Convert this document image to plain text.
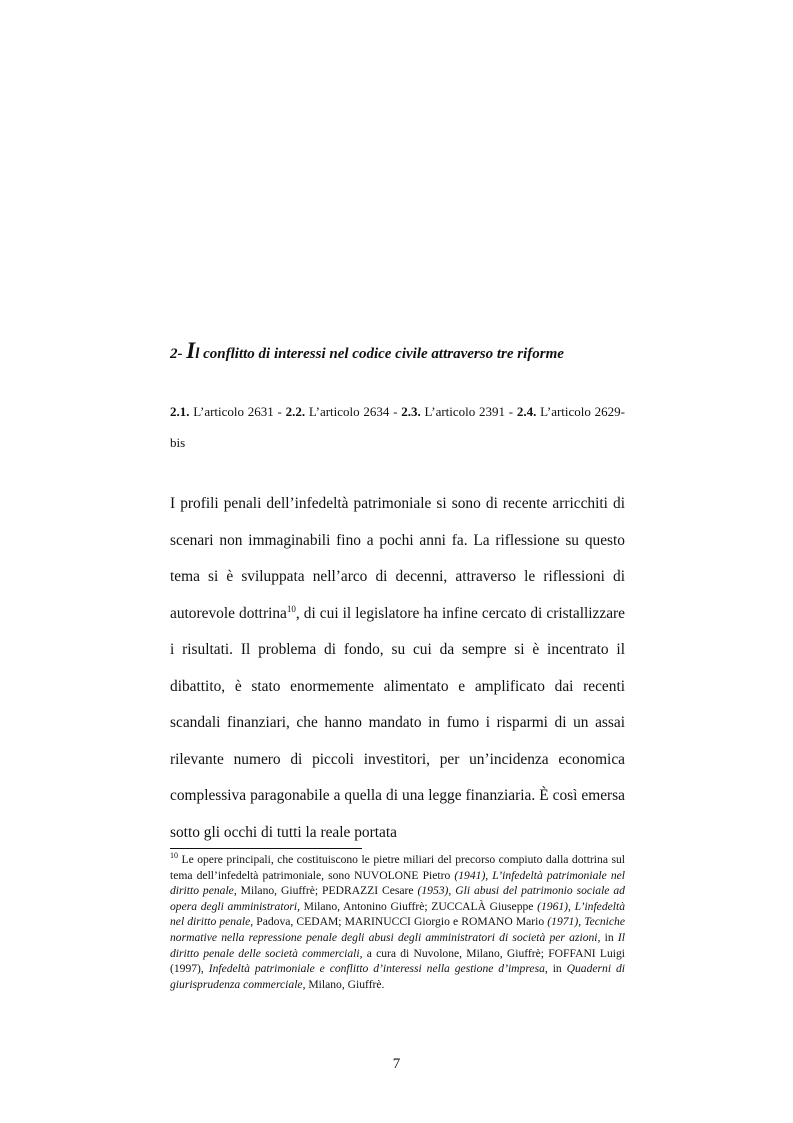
2- Il conflitto di interessi nel codice civile attraverso tre riforme
2.1. L’articolo 2631 - 2.2. L’articolo 2634 - 2.3. L’articolo 2391 - 2.4. L’articolo 2629-bis
I profili penali dell’infedeltà patrimoniale si sono di recente arricchiti di scenari non immaginabili fino a pochi anni fa. La riflessione su questo tema si è sviluppata nell’arco di decenni, attraverso le riflessioni di autorevole dottrina$^{10}$, di cui il legislatore ha infine cercato di cristallizzare i risultati. Il problema di fondo, su cui da sempre si è incentrato il dibattito, è stato enormemente alimentato e amplificato dai recenti scandali finanziari, che hanno mandato in fumo i risparmi di un assai rilevante numero di piccoli investitori, per un’incidenza economica complessiva paragonabile a quella di una legge finanziaria. È così emersa sotto gli occhi di tutti la reale portata
$^{10}$ Le opere principali, che costituiscono le pietre miliari del precorso compiuto dalla dottrina sul tema dell’infedeltà patrimoniale, sono NUVOLONE Pietro (1941), L’infedeltà patrimoniale nel diritto penale, Milano, Giuffrè; PEDRAZZI Cesare (1953), Gli abusi del patrimonio sociale ad opera degli amministratori, Milano, Antonino Giuffrè; ZUCCALÀ Giuseppe (1961), L’infedeltà nel diritto penale, Padova, CEDAM; MARINUCCI Giorgio e ROMANO Mario (1971), Tecniche normative nella repressione penale degli abusi degli amministratori di società per azioni, in Il diritto penale delle società commerciali, a cura di Nuvolone, Milano, Giuffrè; FOFFANI Luigi (1997), Infedeltà patrimoniale e conflitto d’interessi nella gestione d’impresa, in Quaderni di giurisprudenza commerciale, Milano, Giuffrè.
7
